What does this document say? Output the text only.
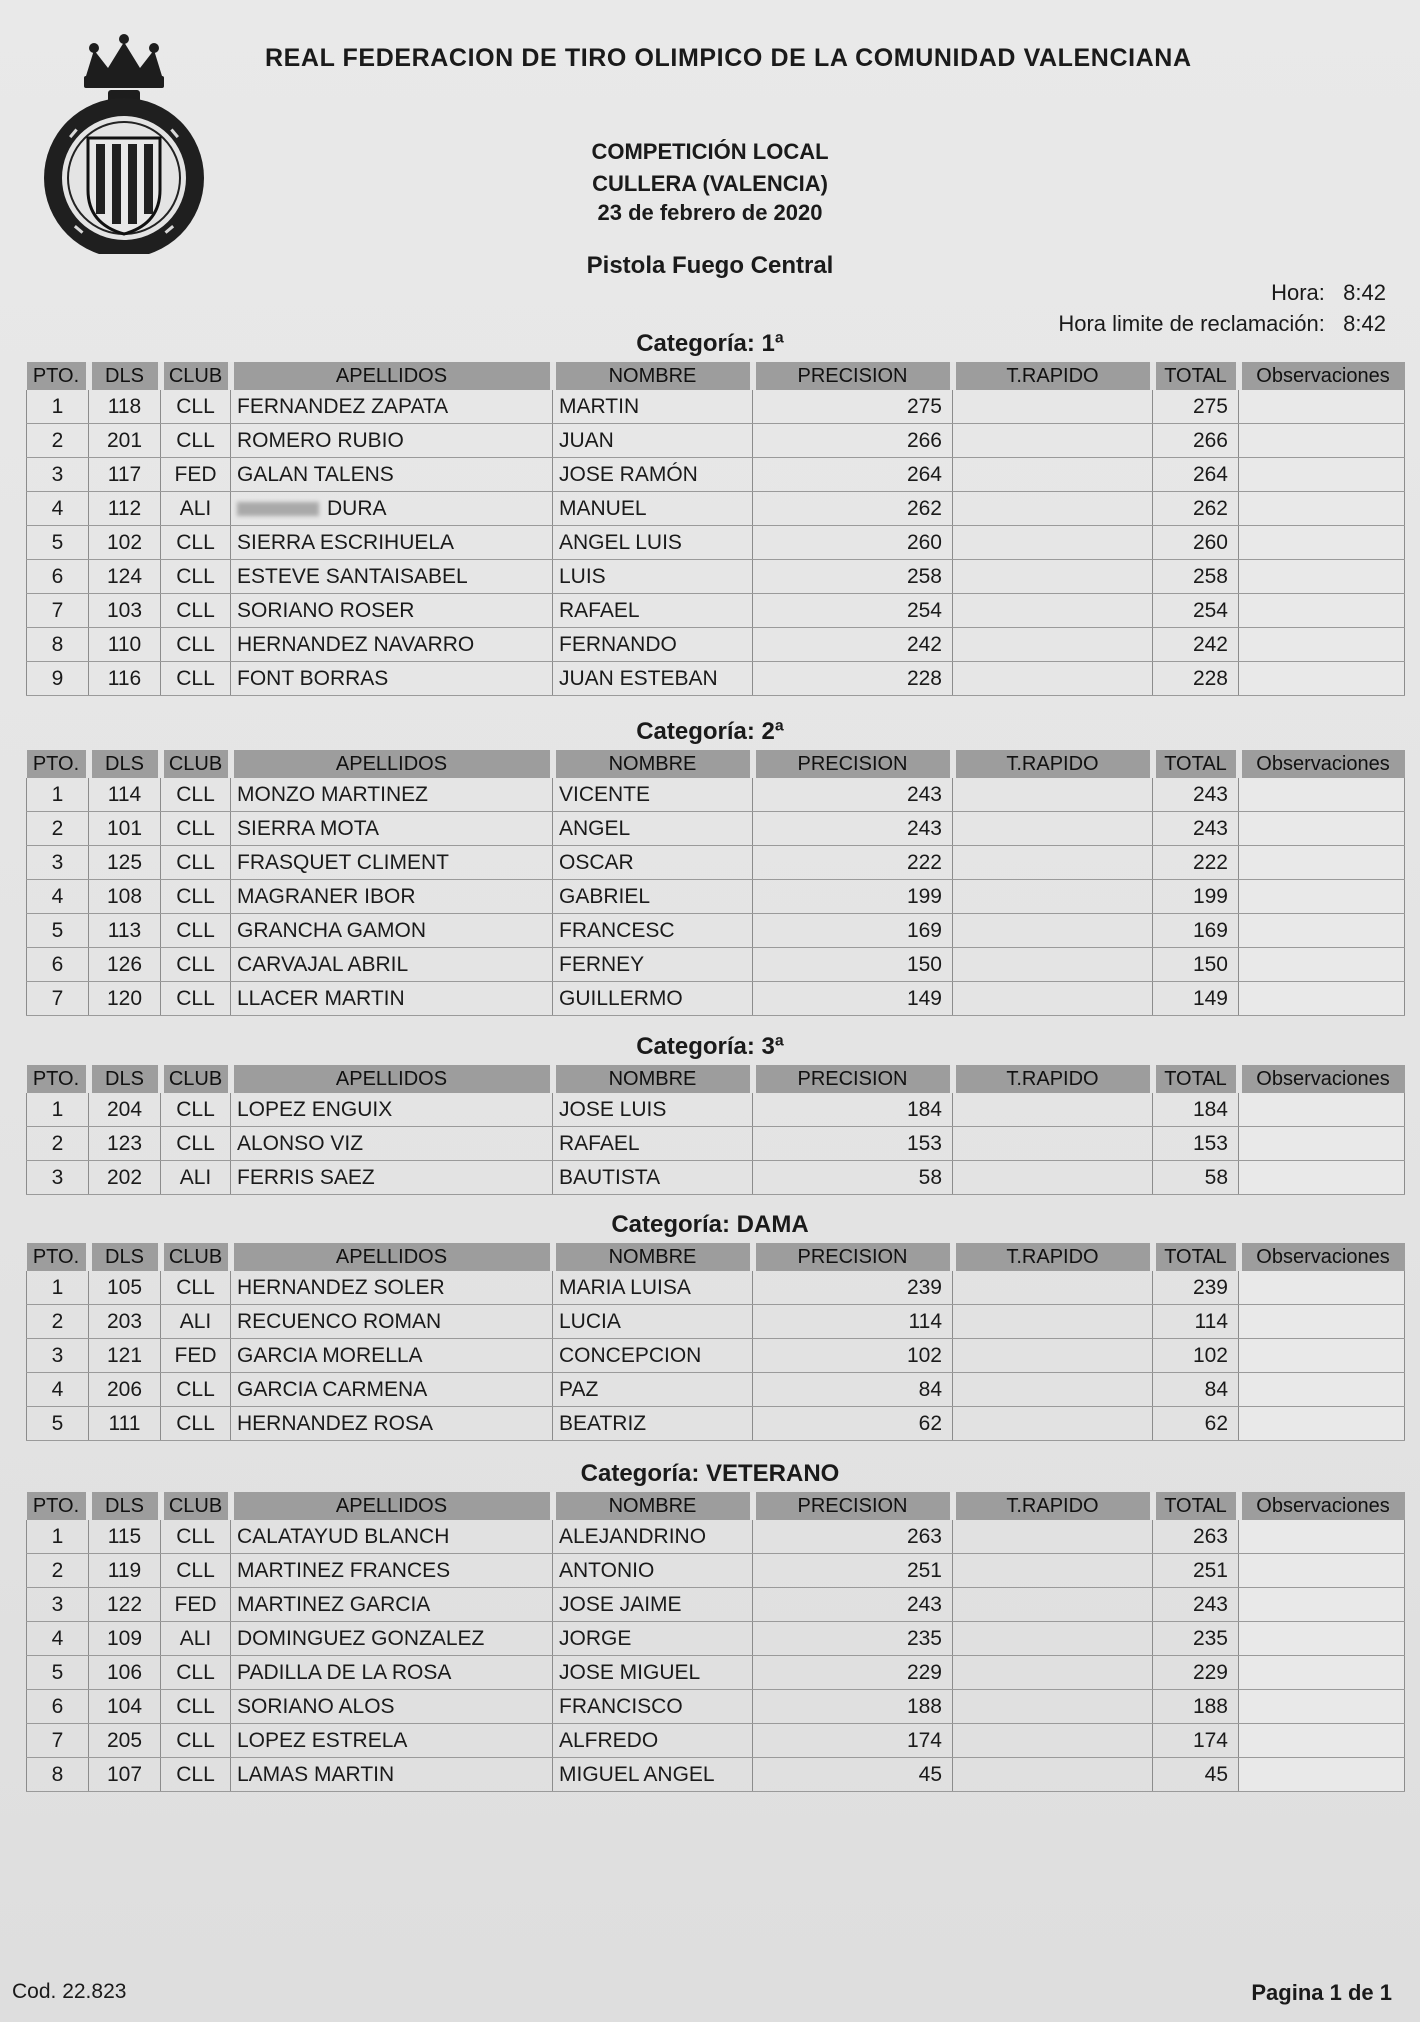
REAL FEDERACION DE TIRO OLIMPICO DE LA COMUNIDAD VALENCIANA
COMPETICIÓN LOCAL
CULLERA (VALENCIA)
23 de febrero de 2020
Pistola Fuego Central
Hora: 8:42
Hora limite de reclamación: 8:42
Categoría: 1ª
PTO.	DLS	CLUB	APELLIDOS	NOMBRE	PRECISION	T.RAPIDO	TOTAL	Observaciones
1	118	CLL	FERNANDEZ ZAPATA	MARTIN	275		275	
2	201	CLL	ROMERO RUBIO	JUAN	266		266	
3	117	FED	GALAN TALENS	JOSE RAMÓN	264		264	
4	112	ALI	DURA	MANUEL	262		262	
5	102	CLL	SIERRA ESCRIHUELA	ANGEL LUIS	260		260	
6	124	CLL	ESTEVE SANTAISABEL	LUIS	258		258	
7	103	CLL	SORIANO ROSER	RAFAEL	254		254	
8	110	CLL	HERNANDEZ NAVARRO	FERNANDO	242		242	
9	116	CLL	FONT BORRAS	JUAN ESTEBAN	228		228	
Categoría: 2ª
PTO.	DLS	CLUB	APELLIDOS	NOMBRE	PRECISION	T.RAPIDO	TOTAL	Observaciones
1	114	CLL	MONZO MARTINEZ	VICENTE	243		243	
2	101	CLL	SIERRA MOTA	ANGEL	243		243	
3	125	CLL	FRASQUET CLIMENT	OSCAR	222		222	
4	108	CLL	MAGRANER IBOR	GABRIEL	199		199	
5	113	CLL	GRANCHA GAMON	FRANCESC	169		169	
6	126	CLL	CARVAJAL ABRIL	FERNEY	150		150	
7	120	CLL	LLACER MARTIN	GUILLERMO	149		149	
Categoría: 3ª
PTO.	DLS	CLUB	APELLIDOS	NOMBRE	PRECISION	T.RAPIDO	TOTAL	Observaciones
1	204	CLL	LOPEZ ENGUIX	JOSE LUIS	184		184	
2	123	CLL	ALONSO VIZ	RAFAEL	153		153	
3	202	ALI	FERRIS SAEZ	BAUTISTA	58		58	
Categoría: DAMA
PTO.	DLS	CLUB	APELLIDOS	NOMBRE	PRECISION	T.RAPIDO	TOTAL	Observaciones
1	105	CLL	HERNANDEZ SOLER	MARIA LUISA	239		239	
2	203	ALI	RECUENCO ROMAN	LUCIA	114		114	
3	121	FED	GARCIA MORELLA	CONCEPCION	102		102	
4	206	CLL	GARCIA CARMENA	PAZ	84		84	
5	111	CLL	HERNANDEZ ROSA	BEATRIZ	62		62	
Categoría: VETERANO
PTO.	DLS	CLUB	APELLIDOS	NOMBRE	PRECISION	T.RAPIDO	TOTAL	Observaciones
1	115	CLL	CALATAYUD BLANCH	ALEJANDRINO	263		263	
2	119	CLL	MARTINEZ FRANCES	ANTONIO	251		251	
3	122	FED	MARTINEZ GARCIA	JOSE JAIME	243		243	
4	109	ALI	DOMINGUEZ GONZALEZ	JORGE	235		235	
5	106	CLL	PADILLA DE LA ROSA	JOSE MIGUEL	229		229	
6	104	CLL	SORIANO ALOS	FRANCISCO	188		188	
7	205	CLL	LOPEZ ESTRELA	ALFREDO	174		174	
8	107	CLL	LAMAS MARTIN	MIGUEL ANGEL	45		45	
Cod. 22.823	Pagina 1 de 1
